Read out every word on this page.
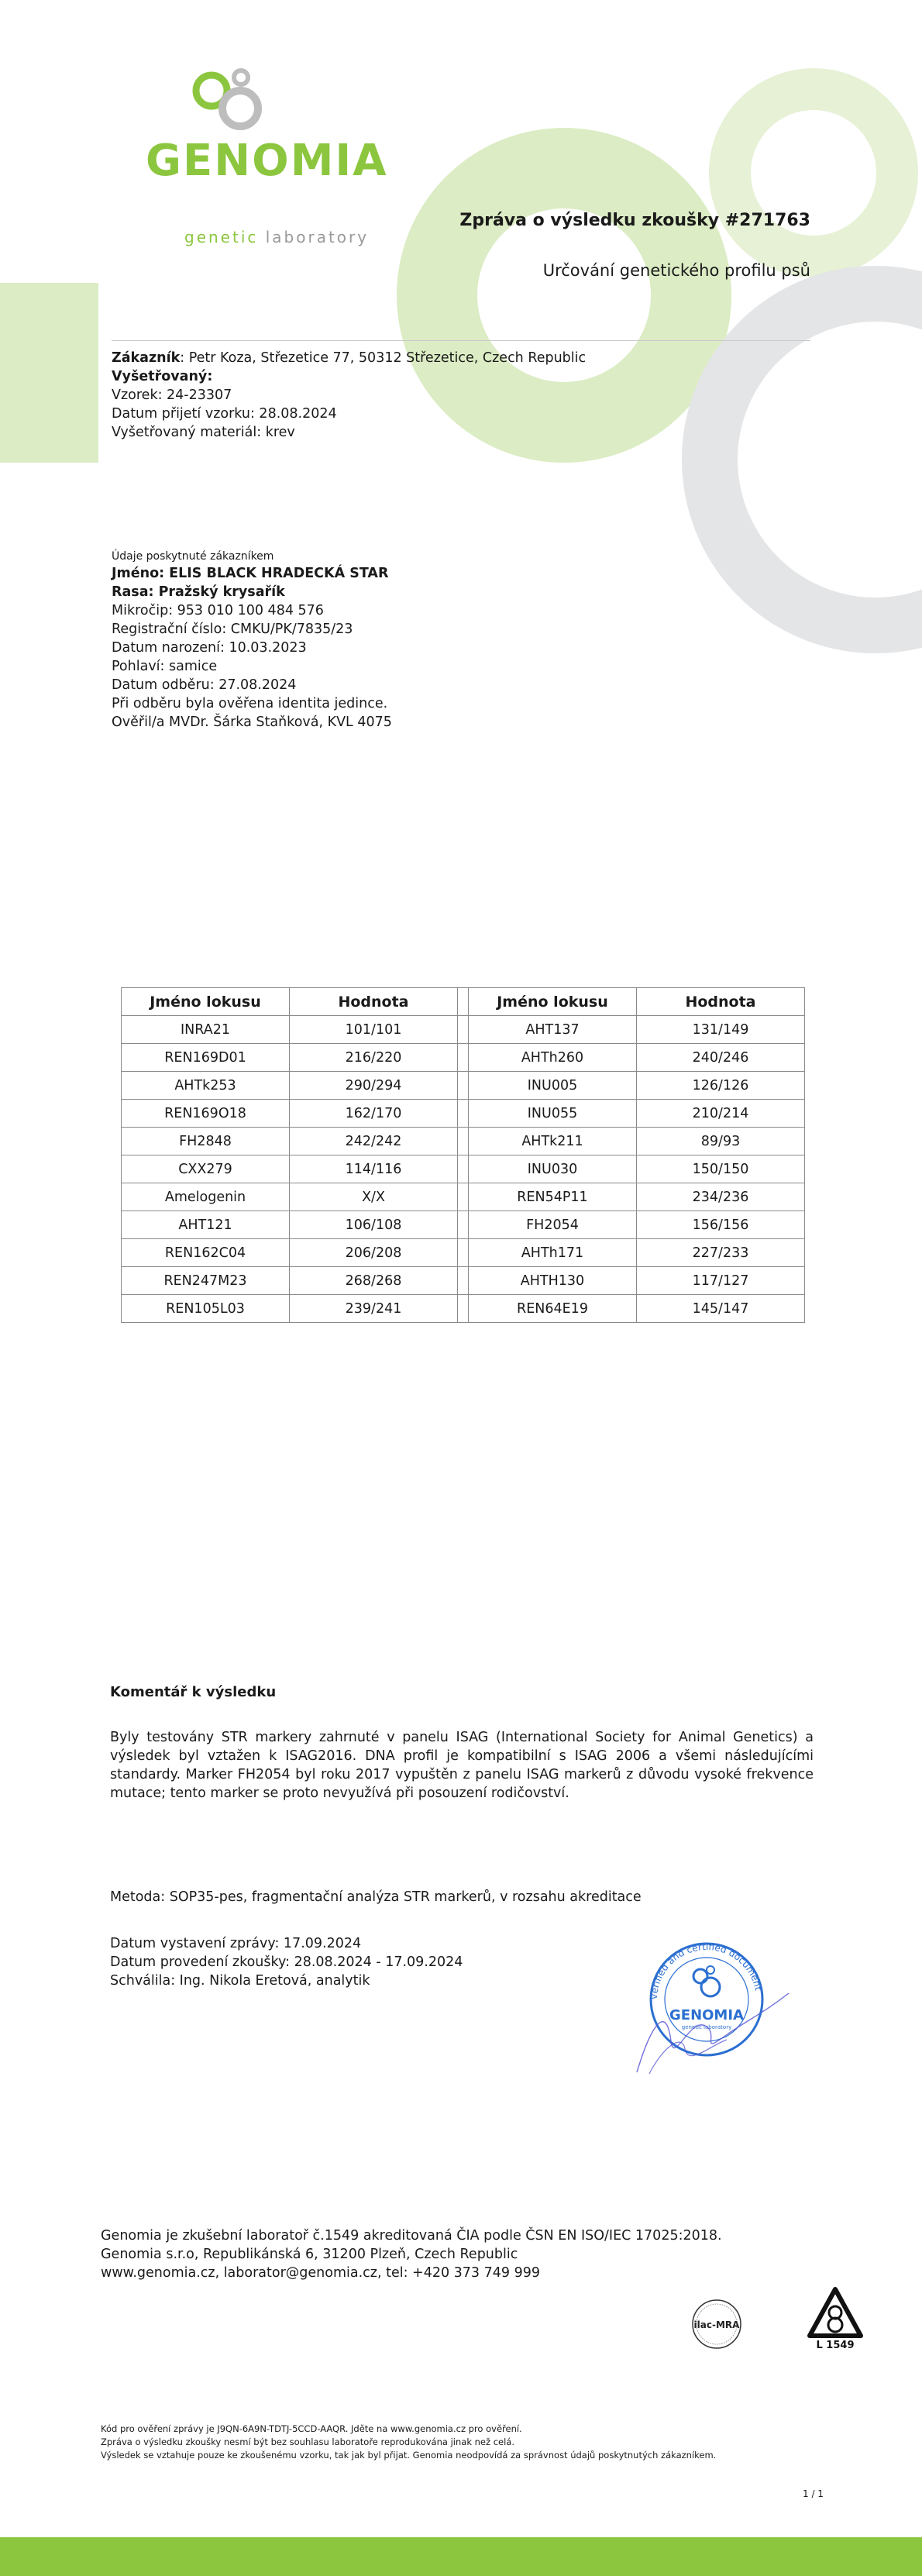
GENOMIA
genetic laboratory
Zpráva o výsledku zkoušky #271763
Určování genetického profilu psů
Zákazník: Petr Koza, Střezetice 77, 50312 Střezetice, Czech Republic
Vyšetřovaný:
Vzorek: 24-23307
Datum přijetí vzorku: 28.08.2024
Vyšetřovaný materiál: krev
Údaje poskytnuté zákazníkem
Jméno: ELIS BLACK HRADECKÁ STAR
Rasa: Pražský krysařík
Mikročip: 953 010 100 484 576
Registrační číslo: CMKU/PK/7835/23
Datum narození: 10.03.2023
Pohlaví: samice
Datum odběru: 27.08.2024
Při odběru byla ověřena identita jedince.
Ověřil/a MVDr. Šárka Staňková, KVL 4075
Jméno lokusu	Hodnota		Jméno lokusu	Hodnota
INRA21	101/101		AHT137	131/149
REN169D01	216/220		AHTh260	240/246
AHTk253	290/294		INU005	126/126
REN169O18	162/170		INU055	210/214
FH2848	242/242		AHTk211	89/93
CXX279	114/116		INU030	150/150
Amelogenin	X/X		REN54P11	234/236
AHT121	106/108		FH2054	156/156
REN162C04	206/208		AHTh171	227/233
REN247M23	268/268		AHTH130	117/127
REN105L03	239/241		REN64E19	145/147
Komentář k výsledku
Byly testovány STR markery zahrnuté v panelu ISAG (International Society for Animal Genetics) a výsledek byl vztažen k ISAG2016. DNA profil je kompatibilní s ISAG 2006 a všemi následujícími standardy. Marker FH2054 byl roku 2017 vypuštěn z panelu ISAG markerů z důvodu vysoké frekvence mutace; tento marker se proto nevyužívá při posouzení rodičovství.
Metoda: SOP35-pes, fragmentační analýza STR markerů, v rozsahu akreditace
Datum vystavení zprávy: 17.09.2024
Datum provedení zkoušky: 28.08.2024 - 17.09.2024
Schválila: Ing. Nikola Eretová, analytik
verified and certified document
GENOMIA
genetic laboratory
Genomia je zkušební laboratoř č.1549 akreditovaná ČIA podle ČSN EN ISO/IEC 17025:2018.
Genomia s.r.o, Republikánská 6, 31200 Plzeň, Czech Republic
www.genomia.cz, laborator@genomia.cz, tel: +420 373 749 999
ilac-MRA

L 1549
Kód pro ověření zprávy je J9QN-6A9N-TDTJ-5CCD-AAQR. Jděte na www.genomia.cz pro ověření.
Zpráva o výsledku zkoušky nesmí být bez souhlasu laboratoře reprodukována jinak než celá.
Výsledek se vztahuje pouze ke zkoušenému vzorku, tak jak byl přijat. Genomia neodpovídá za správnost údajů poskytnutých zákazníkem.
1 / 1
